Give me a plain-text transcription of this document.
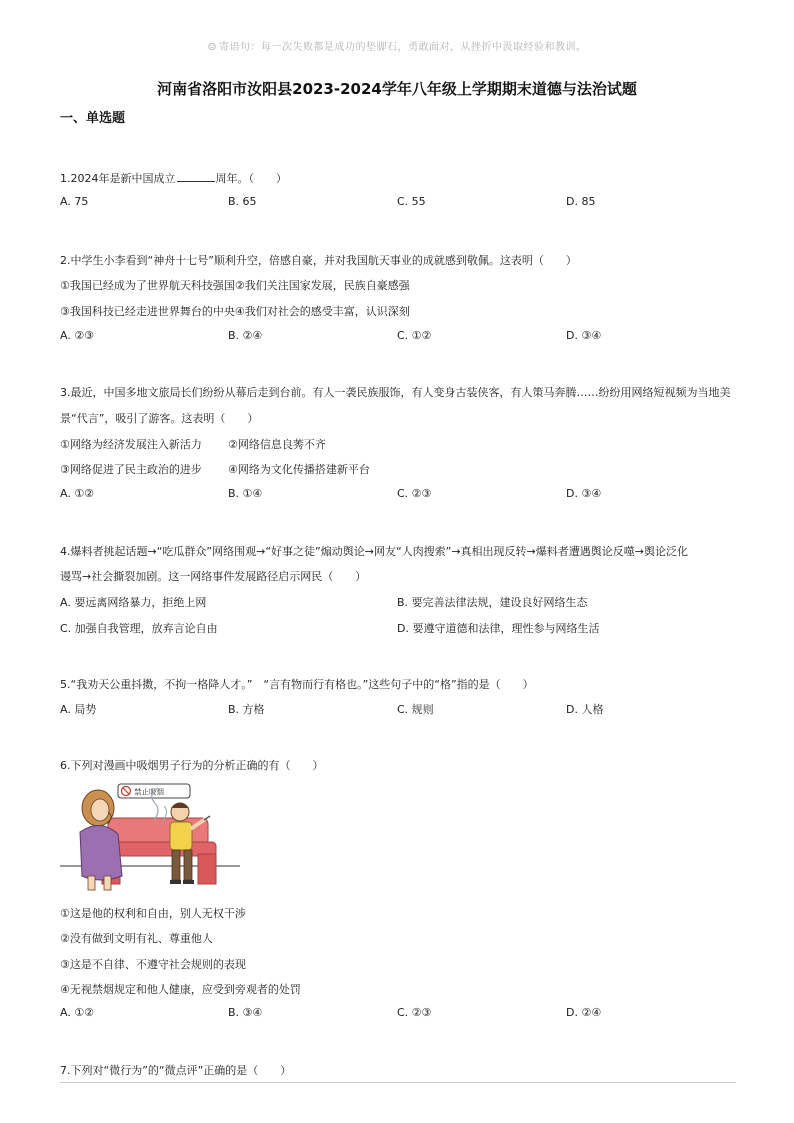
☺ 寄语句：每一次失败都是成功的垫脚石，勇敢面对，从挫折中汲取经验和教训。
河南省洛阳市汝阳县2023-2024学年八年级上学期期末道德与法治试题
一、单选题
1.2024年是新中国成立	周年。（　　）
A. 75	B. 65	C. 55	D. 85
2.中学生小李看到“神舟十七号”顺利升空，倍感自豪，并对我国航天事业的成就感到敬佩。这表明（　　）
①我国已经成为了世界航天科技强国②我们关注国家发展，民族自豪感强
③我国科技已经走进世界舞台的中央④我们对社会的感受丰富，认识深刻
A. ②③	B. ②④	C. ①②	D. ③④
3.最近，中国多地文旅局长们纷纷从幕后走到台前。有人一袭民族服饰，有人变身古装侠客，有人策马奔腾……纷纷用网络短视频为当地美
景“代言”，吸引了游客。这表明（　　）
①网络为经济发展注入新活力 ②网络信息良莠不齐
③网络促进了民主政治的进步 ④网络为文化传播搭建新平台
A. ①②	B. ①④	C. ②③	D. ③④
4.爆料者挑起话题→“吃瓜群众”网络围观→“好事之徒”煽动舆论→网友“人肉搜索”→真相出现反转→爆料者遭遇舆论反噬→舆论泛化
谩骂→社会撕裂加剧。这一网络事件发展路径启示网民（　　）
A. 要远离网络暴力，拒绝上网	B. 要完善法律法规，建设良好网络生态
C. 加强自我管理，放弃言论自由	D. 要遵守道德和法律，理性参与网络生活
5.“我劝天公重抖擞，不拘一格降人才。”　“言有物而行有格也。”这些句子中的“格”指的是（　　）
A. 局势	B. 方格	C. 规则	D. 人格
6.下列对漫画中吸烟男子行为的分析正确的有（　　）
禁止吸烟
①这是他的权利和自由，别人无权干涉
②没有做到文明有礼、尊重他人
③这是不自律、不遵守社会规则的表现
④无视禁烟规定和他人健康，应受到旁观者的处罚
A. ①②	B. ③④	C. ②③	D. ②④
7.下列对“微行为”的“微点评”正确的是（　　）
